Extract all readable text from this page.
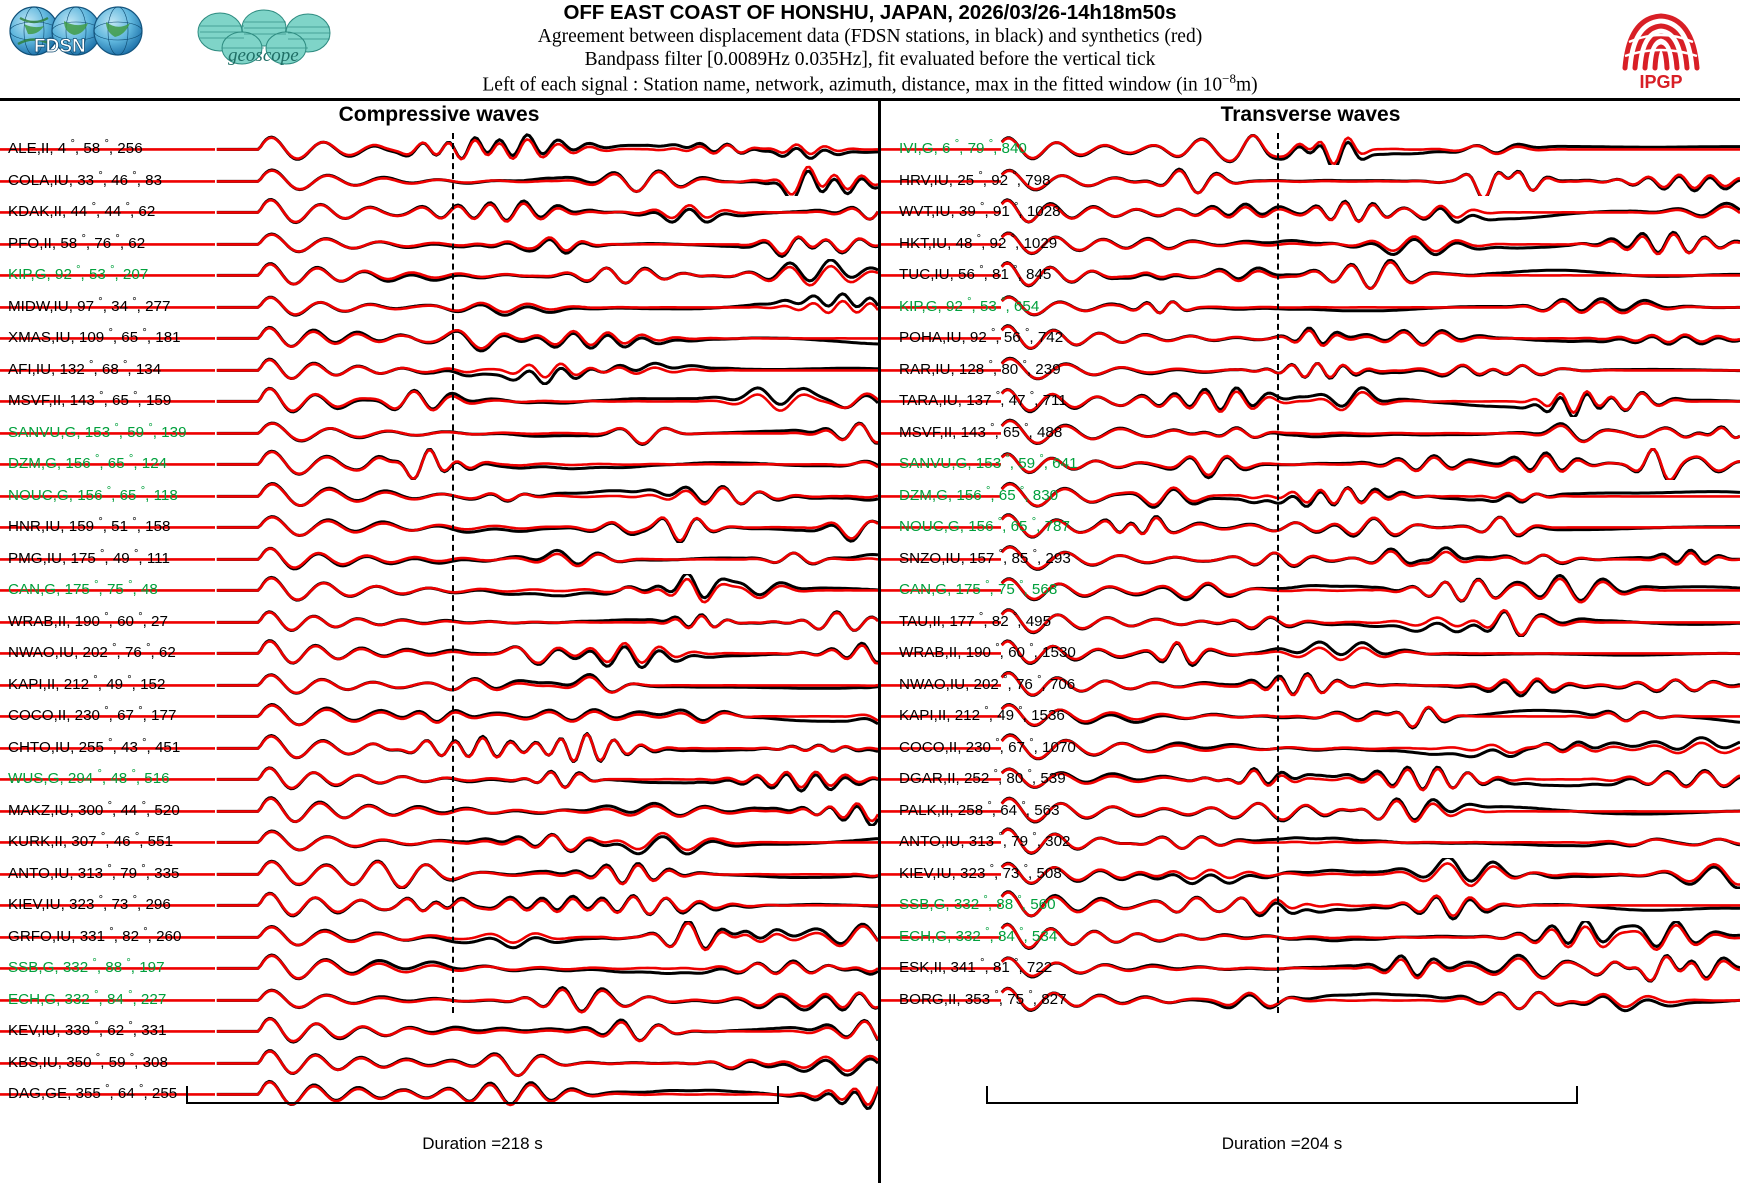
FDSN	geoscope
OFF EAST COAST OF HONSHU, JAPAN, 2026/03/26-14h18m50s
Agreement between displacement data (FDSN stations, in black) and synthetics (red)
Bandpass filter [0.0089Hz 0.035Hz], fit evaluated before the vertical tick
Left of each signal : Station name, network, azimuth, distance, max in the fitted window (in $10^{-8}m$)	IPGP
Compressive waves
ALE,II, 4 °, 58 °, 256
COLA,IU, 33 °, 46 °, 83
KDAK,II, 44 °, 44 °, 62
PFO,II, 58 °, 76 °, 62
KIP,G, 92 °, 53 °, 207
MIDW,IU, 97 °, 34 °, 277
XMAS,IU, 109 °, 65 °, 181
AFI,IU, 132 °, 68 °, 134
MSVF,II, 143 °, 65 °, 159
SANVU,G, 153 °, 59 °, 139
DZM,G, 156 °, 65 °, 124
NOUC,G, 156 °, 65 °, 118
HNR,IU, 159 °, 51 °, 158
PMG,IU, 175 °, 49 °, 111
CAN,G, 175 °, 75 °, 48
WRAB,II, 190 °, 60 °, 27
NWAO,IU, 202 °, 76 °, 62
KAPI,II, 212 °, 49 °, 152
COCO,II, 230 °, 67 °, 177
CHTO,IU, 255 °, 43 °, 451
WUS,G, 294 °, 48 °, 516
MAKZ,IU, 300 °, 44 °, 520
KURK,II, 307 °, 46 °, 551
ANTO,IU, 313 °, 79 °, 335
KIEV,IU, 323 °, 73 °, 296
GRFO,IU, 331 °, 82 °, 260
SSB,G, 332 °, 88 °, 197
ECH,G, 332 °, 84 °, 227
KEV,IU, 339 °, 62 °, 331
KBS,IU, 350 °, 59 °, 308
DAG,GE, 355 °, 64 °, 255
Duration =218 s
Transverse waves
IVI,G, 6 °, 79 °, 840
HRV,IU, 25 °, 92 °, 798
WVT,IU, 39 °, 91 °, 1028
HKT,IU, 48 °, 92 °, 1029
TUC,IU, 56 °, 81 °, 845
KIP,G, 92 °, 53 °, 654
POHA,IU, 92 °, 56 °, 742
RAR,IU, 128 °, 80 °, 239
TARA,IU, 137 °, 47 °, 711
MSVF,II, 143 °, 65 °, 488
SANVU,G, 153 °, 59 °, 641
DZM,G, 156 °, 65 °, 830
NOUC,G, 156 °, 65 °, 787
SNZO,IU, 157 °, 85 °, 293
CAN,G, 175 °, 75 °, 568
TAU,II, 177 °, 82 °, 495
WRAB,II, 190 °, 60 °, 1530
NWAO,IU, 202 °, 76 °, 706
KAPI,II, 212 °, 49 °, 1536
COCO,II, 230 °, 67 °, 1070
DGAR,II, 252 °, 80 °, 539
PALK,II, 258 °, 64 °, 563
ANTO,IU, 313 °, 79 °, 302
KIEV,IU, 323 °, 73 °, 508
SSB,G, 332 °, 88 °, 560
ECH,G, 332 °, 84 °, 534
ESK,II, 341 °, 81 °, 722
BORG,II, 353 °, 75 °, 827
Duration =204 s
